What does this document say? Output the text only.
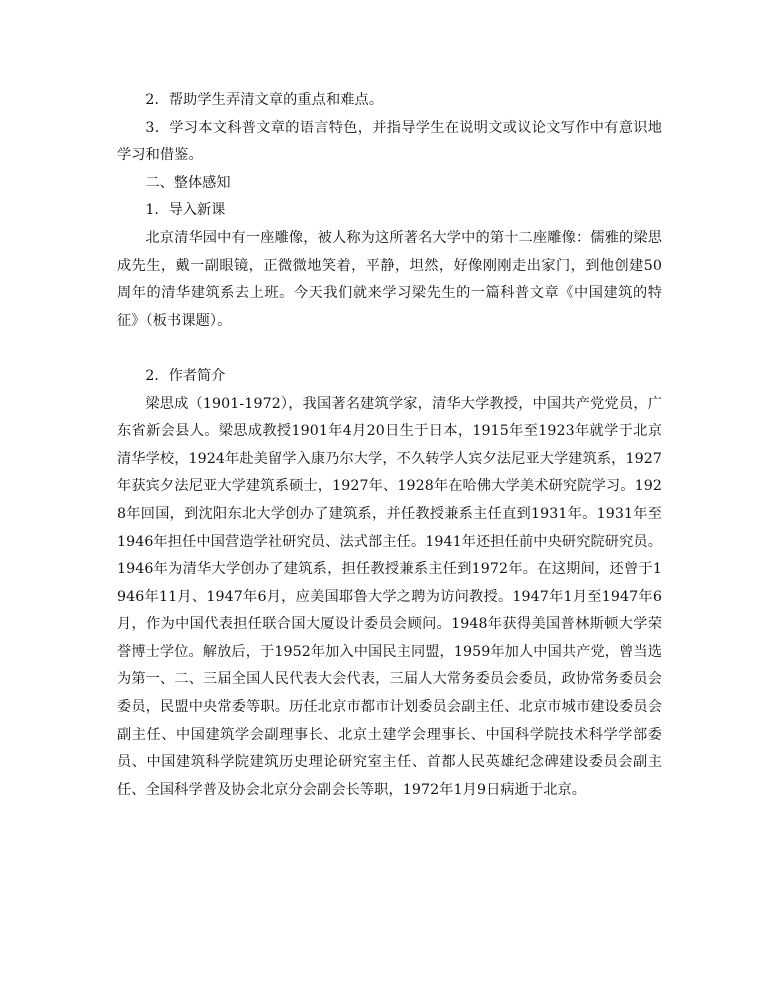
2．帮助学生弄清文章的重点和难点。

3．学习本文科普文章的语言特色，并指导学生在说明文或议论文写作中有意识地学习和借鉴。

二、整体感知

1．导入新课

北京清华园中有一座雕像，被人称为这所著名大学中的第十二座雕像：儒雅的梁思成先生，戴一副眼镜，正微微地笑着，平静，坦然，好像刚刚走出家门，到他创建50周年的清华建筑系去上班。今天我们就来学习梁先生的一篇科普文章《中国建筑的特征》（板书课题）。

2．作者简介

梁思成（1901-1972），我国著名建筑学家，清华大学教授，中国共产党党员，广东省新会县人。梁思成教授1901年4月20日生于日本，1915年至1923年就学于北京清华学校，1924年赴美留学入康乃尔大学，不久转学人宾夕法尼亚大学建筑系，1927年获宾夕法尼亚大学建筑系硕士，1927年、1928年在哈佛大学美术研究院学习。1928年回国，到沈阳东北大学创办了建筑系，并任教授兼系主任直到1931年。1931年至1946年担任中国营造学社研究员、法式部主任。1941年还担任前中央研究院研究员。1946年为清华大学创办了建筑系，担任教授兼系主任到1972年。在这期间，还曾于1946年11月、1947年6月，应美国耶鲁大学之聘为访问教授。1947年1月至1947年6月，作为中国代表担任联合国大厦设计委员会顾问。1948年获得美国普林斯顿大学荣誉博士学位。解放后，于1952年加入中国民主同盟，1959年加人中国共产党，曾当选为第一、二、三届全国人民代表大会代表，三届人大常务委员会委员，政协常务委员会委员，民盟中央常委等职。历任北京市都市计划委员会副主任、北京市城市建设委员会副主任、中国建筑学会副理事长、北京土建学会理事长、中国科学院技术科学学部委员、中国建筑科学院建筑历史理论研究室主任、首都人民英雄纪念碑建设委员会副主任、全国科学普及协会北京分会副会长等职，1972年1月9日病逝于北京。
